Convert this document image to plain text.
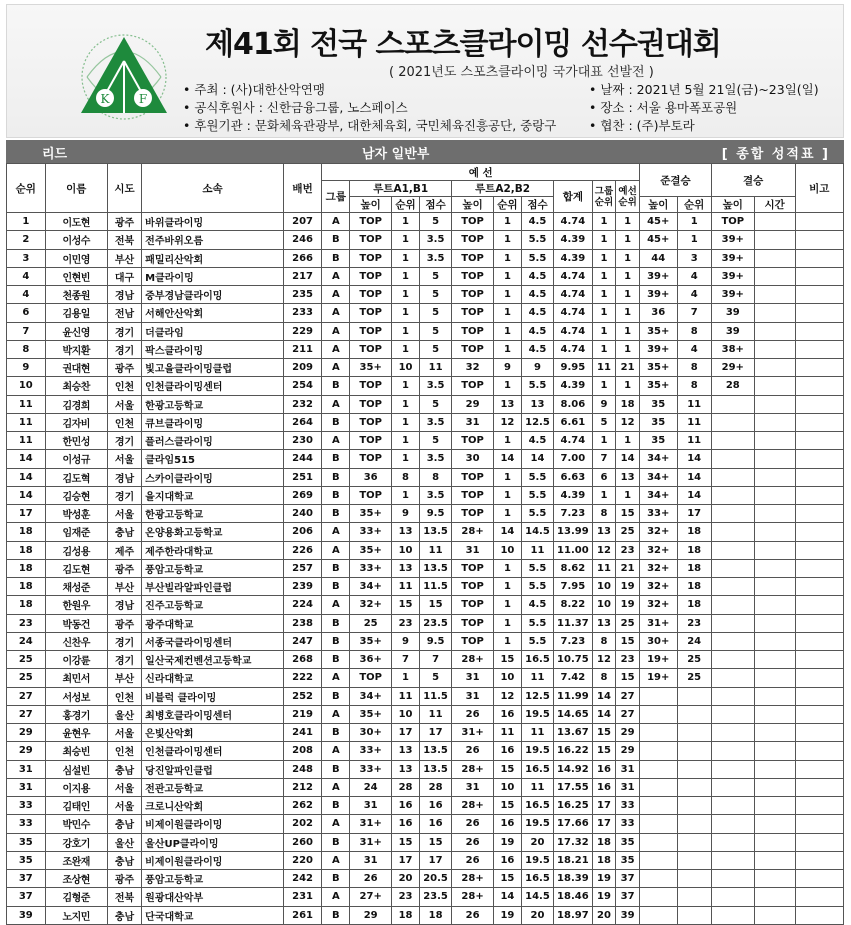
K F
제41회 전국 스포츠클라이밍 선수권대회
( 2021년도 스포츠클라이밍 국가대표 선발전 )
• 주최 : (사)대한산악연맹
• 공식후원사 : 신한금융그룹, 노스페이스
• 후원기관 : 문화체육관광부, 대한체육회, 국민체육진흥공단, 중랑구
• 날짜 : 2021년 5월 21일(금)~23일(일)
• 장소 : 서울 용마폭포공원
• 협찬 : (주)부토라
리드	남자 일반부	[ 종합 성적표 ]
순위	이름	시도	소속	배번	예 선										준결승		결승		비고
					그룹	루트A1,B1			루트A2,B2			합계	그룹순위	예선순위					
						높이	순위	점수	높이	순위	점수				높이	순위	높이	시간	
1	이도현	광주	바위클라이밍	207	A	TOP	1	5	TOP	1	4.5	4.74	1	1	45+	1	TOP		
2	이성수	전북	전주바위오름	246	B	TOP	1	3.5	TOP	1	5.5	4.39	1	1	45+	1	39+		
3	이민영	부산	패밀리산악회	266	B	TOP	1	3.5	TOP	1	5.5	4.39	1	1	44	3	39+		
4	인현빈	대구	M클라이밍	217	A	TOP	1	5	TOP	1	4.5	4.74	1	1	39+	4	39+		
4	천종원	경남	중부경남클라이밍	235	A	TOP	1	5	TOP	1	4.5	4.74	1	1	39+	4	39+		
6	김용일	전남	서해안산악회	233	A	TOP	1	5	TOP	1	4.5	4.74	1	1	36	7	39		
7	윤신영	경기	더클라임	229	A	TOP	1	5	TOP	1	4.5	4.74	1	1	35+	8	39		
8	박지환	경기	팍스클라이밍	211	A	TOP	1	5	TOP	1	4.5	4.74	1	1	39+	4	38+		
9	권대현	광주	빛고을클라이밍클럽	209	A	35+	10	11	32	9	9	9.95	11	21	35+	8	29+		
10	최승찬	인천	인천클라이밍센터	254	B	TOP	1	3.5	TOP	1	5.5	4.39	1	1	35+	8	28		
11	김경희	서울	한광고등학교	232	A	TOP	1	5	29	13	13	8.06	9	18	35	11			
11	김자비	인천	큐브클라이밍	264	B	TOP	1	3.5	31	12	12.5	6.61	5	12	35	11			
11	한민성	경기	플러스클라이밍	230	A	TOP	1	5	TOP	1	4.5	4.74	1	1	35	11			
14	이성규	서울	클라임515	244	B	TOP	1	3.5	30	14	14	7.00	7	14	34+	14			
14	김도혁	경남	스카이클라이밍	251	B	36	8	8	TOP	1	5.5	6.63	6	13	34+	14			
14	김승현	경기	을지대학교	269	B	TOP	1	3.5	TOP	1	5.5	4.39	1	1	34+	14			
17	박성훈	서울	한광고등학교	240	B	35+	9	9.5	TOP	1	5.5	7.23	8	15	33+	17			
18	임재준	충남	온양용화고등학교	206	A	33+	13	13.5	28+	14	14.5	13.99	13	25	32+	18			
18	김성용	제주	제주한라대학교	226	A	35+	10	11	31	10	11	11.00	12	23	32+	18			
18	김도현	광주	풍암고등학교	257	B	33+	13	13.5	TOP	1	5.5	8.62	11	21	32+	18			
18	채성준	부산	부산빌라알파인클럽	239	B	34+	11	11.5	TOP	1	5.5	7.95	10	19	32+	18			
18	한원우	경남	진주고등학교	224	A	32+	15	15	TOP	1	4.5	8.22	10	19	32+	18			
23	박동건	광주	광주대학교	238	B	25	23	23.5	TOP	1	5.5	11.37	13	25	31+	23			
24	신찬우	경기	서종국클라이밍센터	247	B	35+	9	9.5	TOP	1	5.5	7.23	8	15	30+	24			
25	이강륜	경기	일산국제컨벤션고등학교	268	B	36+	7	7	28+	15	16.5	10.75	12	23	19+	25			
25	최민서	부산	신라대학교	222	A	TOP	1	5	31	10	11	7.42	8	15	19+	25			
27	서성보	인천	비블럭 클라이밍	252	B	34+	11	11.5	31	12	12.5	11.99	14	27					
27	홍경기	울산	최병호클라이밍센터	219	A	35+	10	11	26	16	19.5	14.65	14	27					
29	윤현우	서울	은빛산악회	241	B	30+	17	17	31+	11	11	13.67	15	29					
29	최승빈	인천	인천클라이밍센터	208	A	33+	13	13.5	26	16	19.5	16.22	15	29					
31	심설빈	충남	당진알파인클럽	248	B	33+	13	13.5	28+	15	16.5	14.92	16	31					
31	이지용	서울	전관고등학교	212	A	24	28	28	31	10	11	17.55	16	31					
33	김태인	서울	크로니산악회	262	B	31	16	16	28+	15	16.5	16.25	17	33					
33	박민수	충남	비제이원클라이밍	202	A	31+	16	16	26	16	19.5	17.66	17	33					
35	강호기	울산	울산UP클라이밍	260	B	31+	15	15	26	19	20	17.32	18	35					
35	조완재	충남	비제이원클라이밍	220	A	31	17	17	26	16	19.5	18.21	18	35					
37	조상현	광주	풍암고등학교	242	B	26	20	20.5	28+	15	16.5	18.39	19	37					
37	김형준	전북	원광대산악부	231	A	27+	23	23.5	28+	14	14.5	18.46	19	37					
39	노지민	충남	단국대학교	261	B	29	18	18	26	19	20	18.97	20	39					
